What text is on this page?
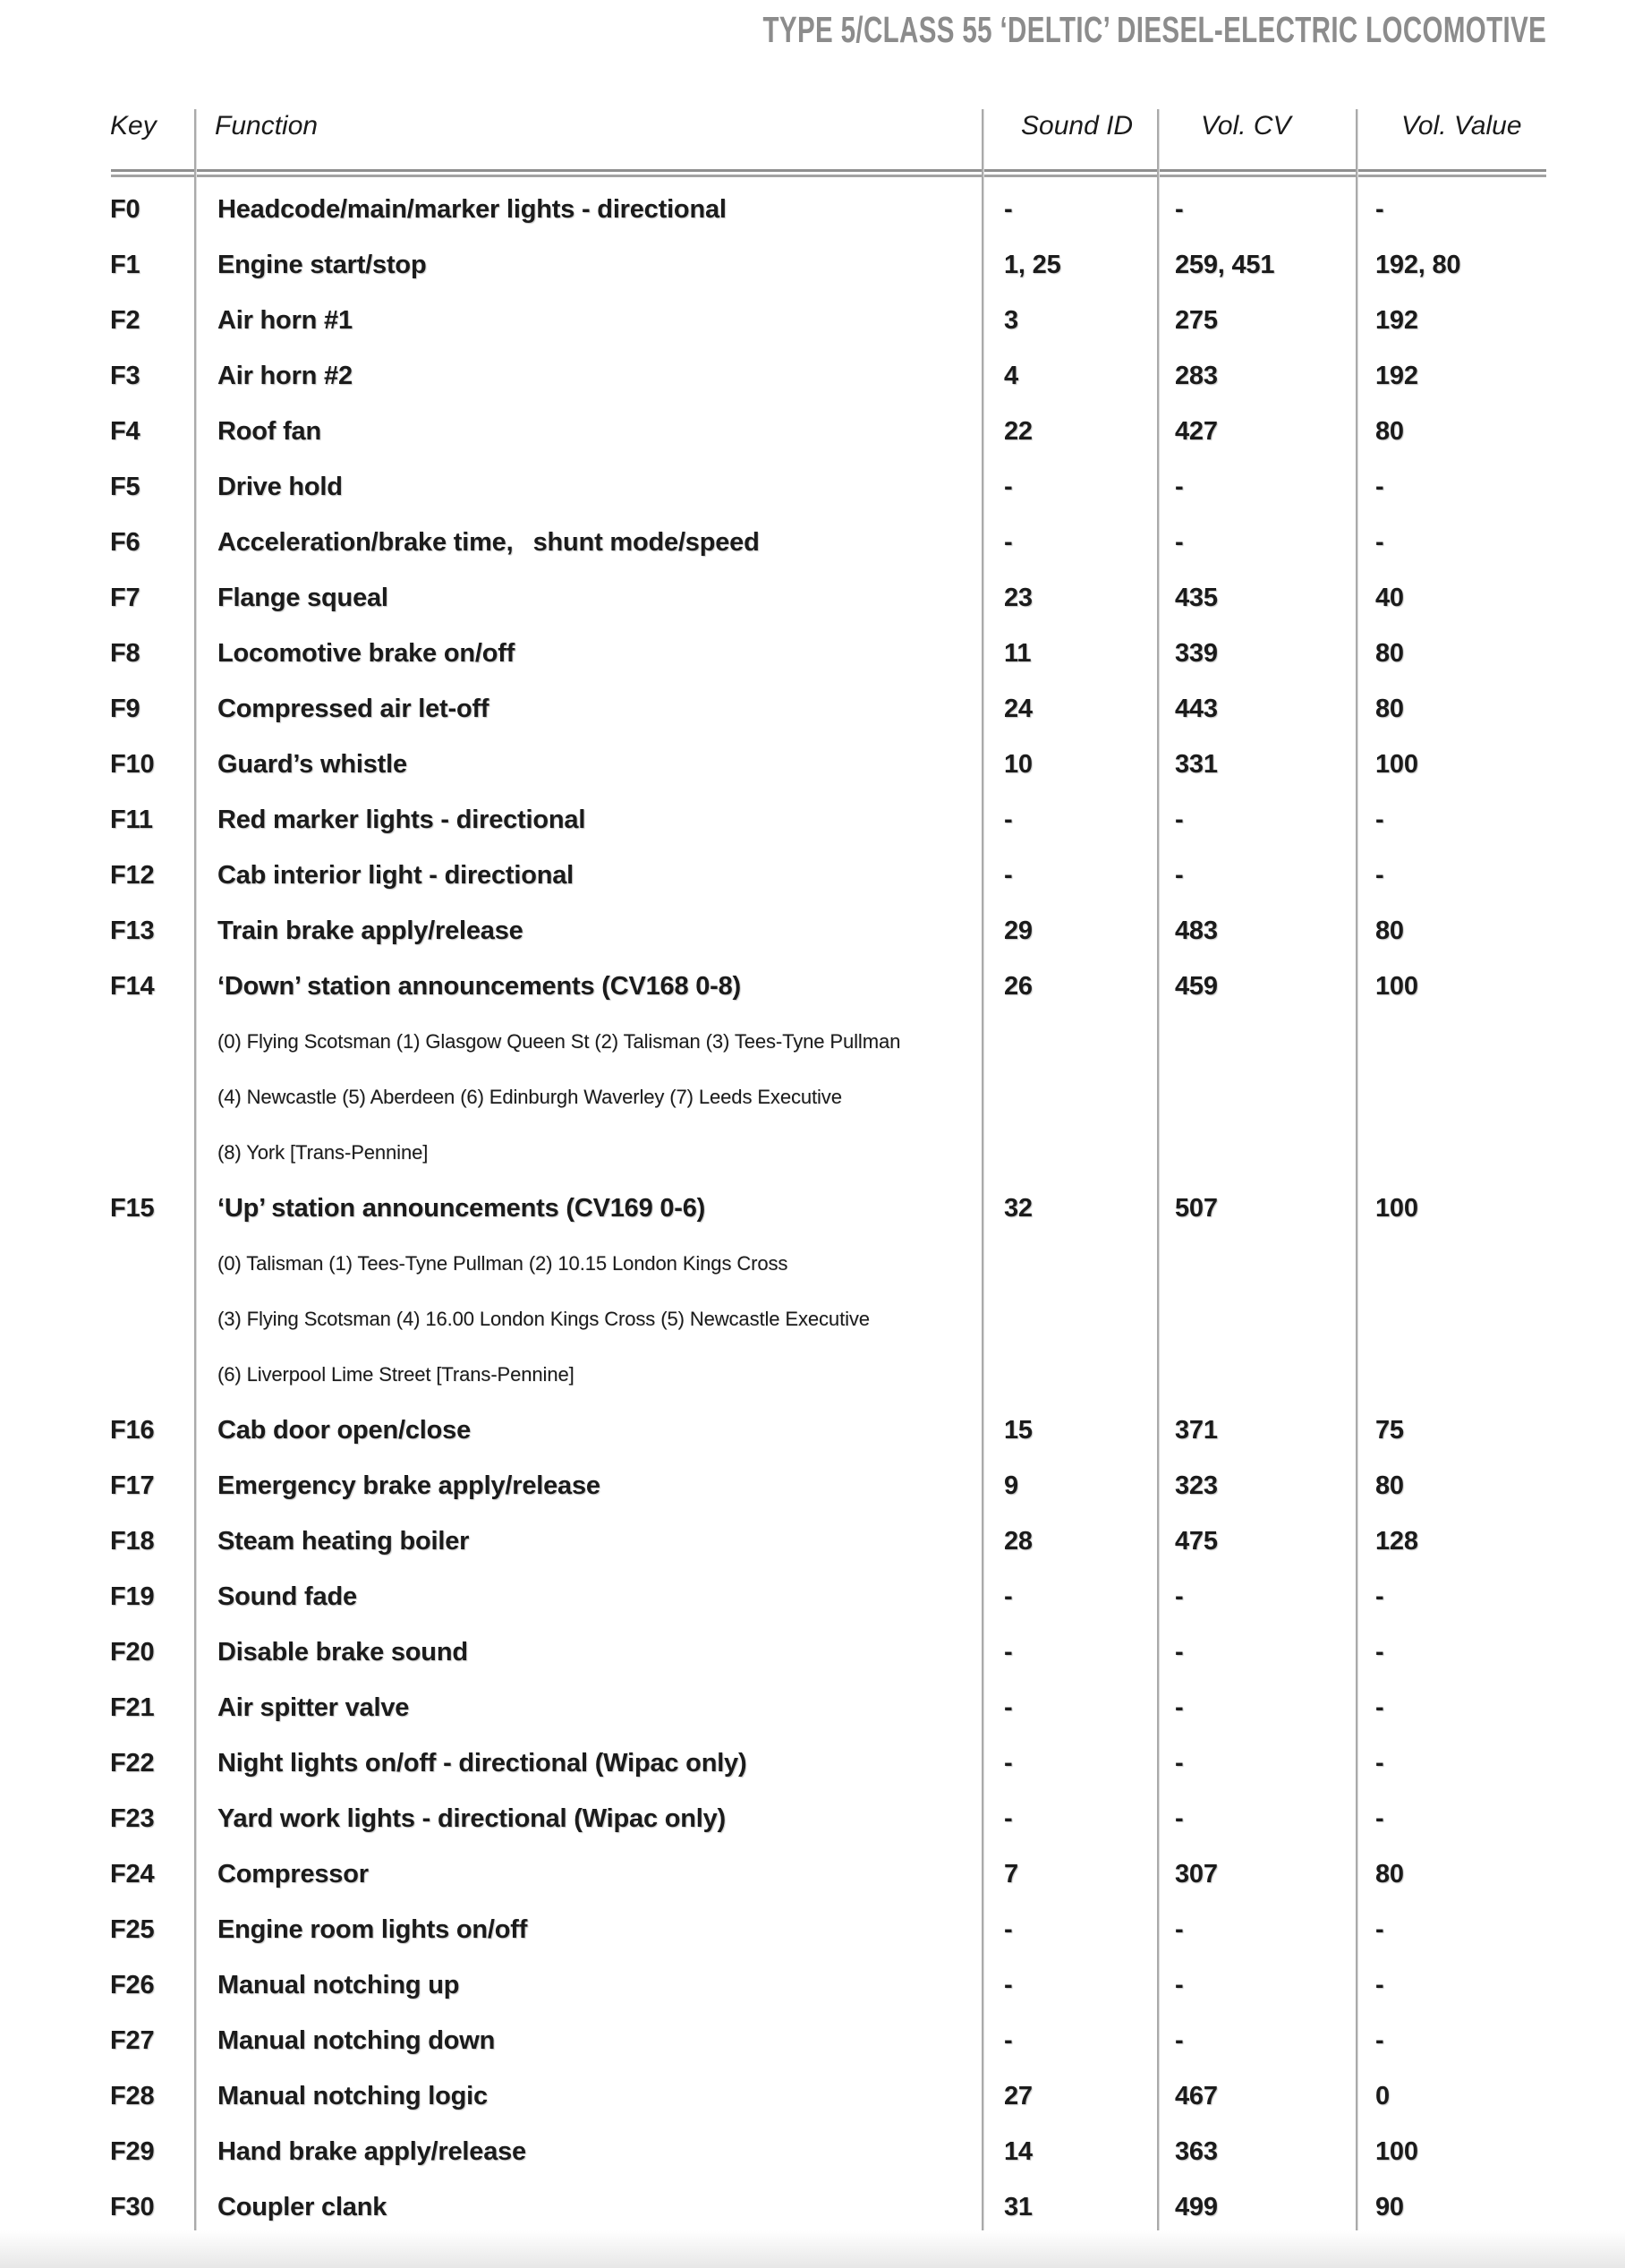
TYPE 5/CLASS 55 ‘DELTIC’ DIESEL-ELECTRIC LOCOMOTIVE
Key Function	Sound ID	Vol. CV	Vol. Value
F0	Headcode/main/marker lights - directional	-	-	-
F1	Engine start/stop	1, 25	259, 451	192, 80
F2	Air horn #1	3	275	192
F3	Air horn #2	4	283	192
F4	Roof fan	22	427	80
F5	Drive hold	-	-	-
F6	Acceleration/brake time,  shunt mode/speed	-	-	-
F7	Flange squeal	23	435	40
F8	Locomotive brake on/off	11	339	80
F9	Compressed air let-off	24	443	80
F10 Guard’s whistle	10	331	100
F11 Red marker lights - directional	-	-	-
F12 Cab interior light - directional	-	-	-
F13 Train brake apply/release	29	483	80
F14 ‘Down’ station announcements (CV168 0-8)	26	459	100
(0) Flying Scotsman (1) Glasgow Queen St (2) Talisman (3) Tees-Tyne Pullman
(4) Newcastle (5) Aberdeen (6) Edinburgh Waverley (7) Leeds Executive
(8) York [Trans-Pennine]
F15 ‘Up’ station announcements (CV169 0-6)	32	507	100
(0) Talisman (1) Tees-Tyne Pullman (2) 10.15 London Kings Cross
(3) Flying Scotsman (4) 16.00 London Kings Cross (5) Newcastle Executive
(6) Liverpool Lime Street [Trans-Pennine]
F16 Cab door open/close	15	371	75
F17 Emergency brake apply/release	9	323	80
F18 Steam heating boiler	28	475	128
F19 Sound fade	-	-	-
F20 Disable brake sound	-	-	-
F21 Air spitter valve	-	-	-
F22 Night lights on/off - directional (Wipac only)	-	-	-
F23 Yard work lights - directional (Wipac only)	-	-	-
F24 Compressor	7	307	80
F25 Engine room lights on/off	-	-	-
F26 Manual notching up	-	-	-
F27 Manual notching down	-	-	-
F28 Manual notching logic	27	467	0
F29 Hand brake apply/release	14	363	100
F30 Coupler clank	31	499	90
